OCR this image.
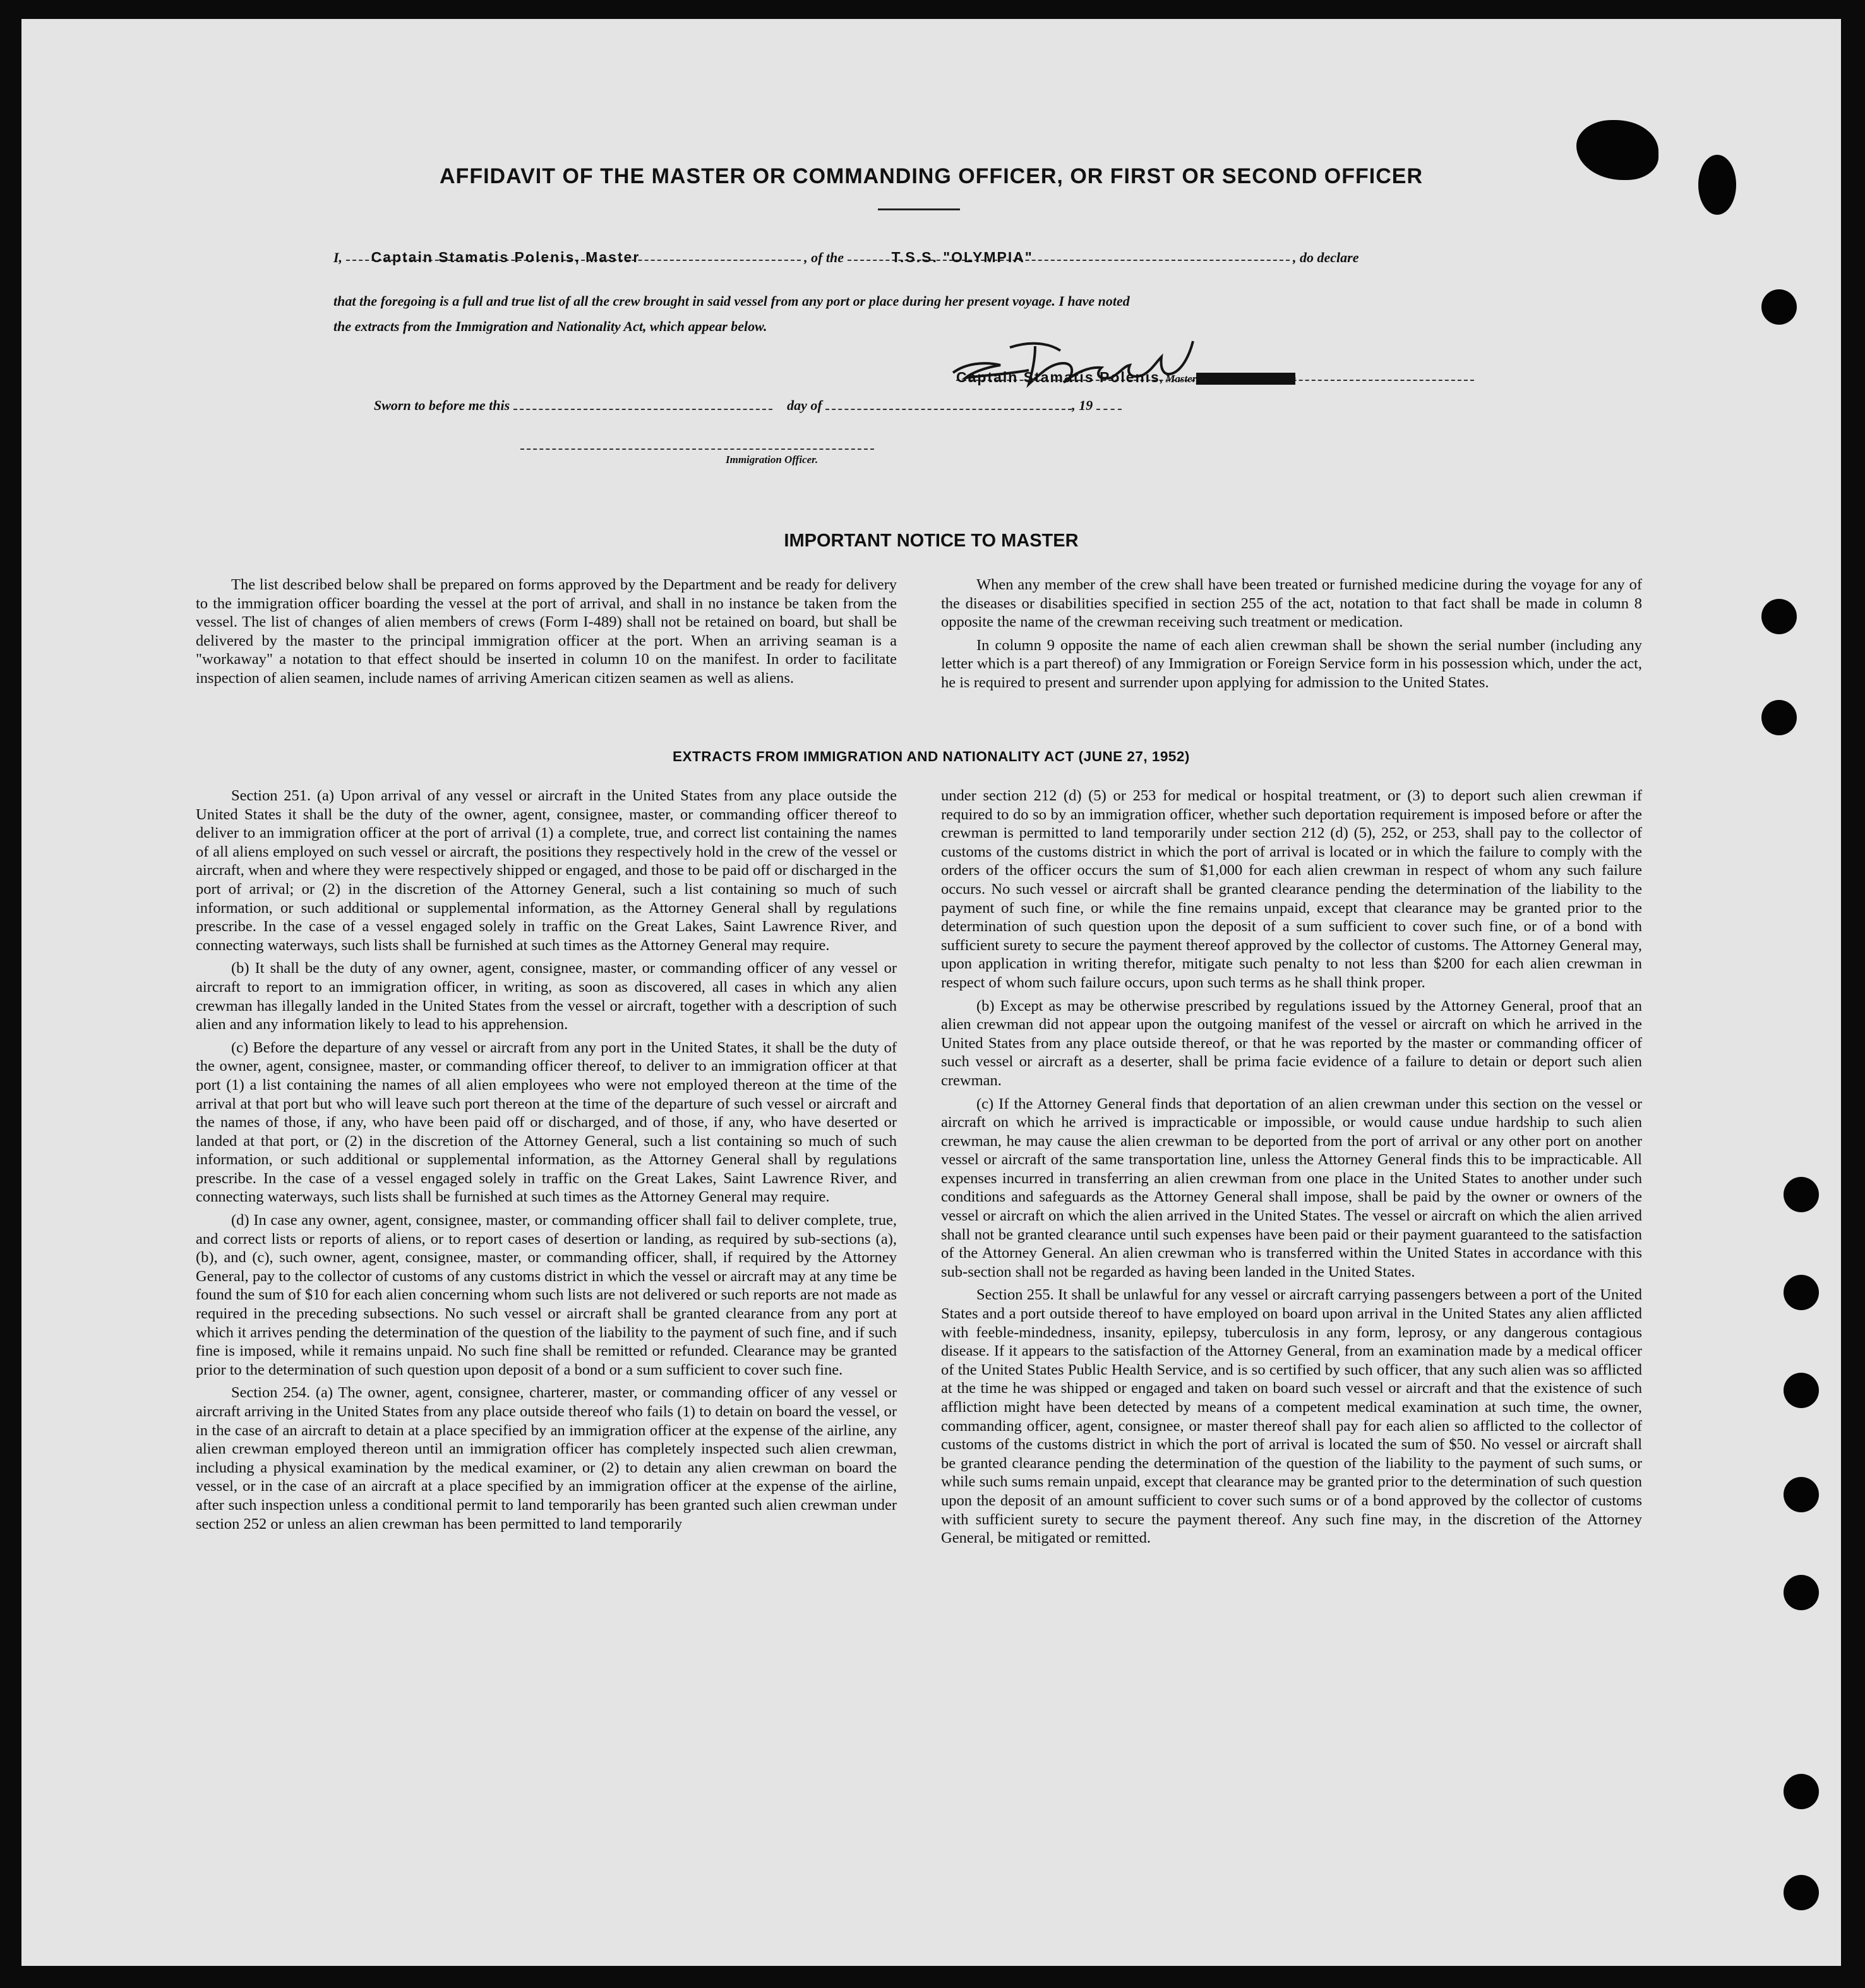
︎
AFFIDAVIT OF THE MASTER OR COMMANDING OFFICER, OR FIRST OR SECOND OFFICER
I, Captain Stamatis Polenis, Master	, of the	T.S.S. "OLYMPIA"	, do declare
that the foregoing is a full and true list of all the crew brought in said vessel from any port or place during her present voyage. I have noted
the extracts from the Immigration and Nationality Act, which appear below.
Captain Stamatis Polenis, Master, Commanding Officer
Sworn to before me this	day of	, 19
Immigration Officer.
IMPORTANT NOTICE TO MASTER

The list described below shall be prepared on forms approved by the Department and be ready for delivery to the immigration officer boarding the vessel at the port of arrival, and shall in no instance be taken from the vessel. The list of changes of alien members of crews (Form I-489) shall not be retained on board, but shall be delivered by the master to the principal immigration officer at the port. When an arriving seaman is a "workaway" a notation to that effect should be inserted in column 10 on the manifest. In order to facilitate inspection of alien seamen, include names of arriving American citizen seamen as well as aliens.

When any member of the crew shall have been treated or furnished medicine during the voyage for any of the diseases or disabilities specified in section 255 of the act, notation to that fact shall be made in column 8 opposite the name of the crewman receiving such treatment or medication.

In column 9 opposite the name of each alien crewman shall be shown the serial number (including any letter which is a part thereof) of any Immigration or Foreign Service form in his possession which, under the act, he is required to present and surrender upon applying for admission to the United States.

EXTRACTS FROM IMMIGRATION AND NATIONALITY ACT (JUNE 27, 1952)

Section 251. (a) Upon arrival of any vessel or aircraft in the United States from any place outside the United States it shall be the duty of the owner, agent, consignee, master, or commanding officer thereof to deliver to an immigration officer at the port of arrival (1) a complete, true, and correct list containing the names of all aliens employed on such vessel or aircraft, the positions they respectively hold in the crew of the vessel or aircraft, when and where they were respectively shipped or engaged, and those to be paid off or discharged in the port of arrival; or (2) in the discretion of the Attorney General, such a list containing so much of such information, or such additional or supplemental information, as the Attorney General shall by regulations prescribe. In the case of a vessel engaged solely in traffic on the Great Lakes, Saint Lawrence River, and connecting waterways, such lists shall be furnished at such times as the Attorney General may require.

(b) It shall be the duty of any owner, agent, consignee, master, or commanding officer of any vessel or aircraft to report to an immigration officer, in writing, as soon as discovered, all cases in which any alien crewman has illegally landed in the United States from the vessel or aircraft, together with a description of such alien and any information likely to lead to his apprehension.

(c) Before the departure of any vessel or aircraft from any port in the United States, it shall be the duty of the owner, agent, consignee, master, or commanding officer thereof, to deliver to an immigration officer at that port (1) a list containing the names of all alien employees who were not employed thereon at the time of the arrival at that port but who will leave such port thereon at the time of the departure of such vessel or aircraft and the names of those, if any, who have been paid off or discharged, and of those, if any, who have deserted or landed at that port, or (2) in the discretion of the Attorney General, such a list containing so much of such information, or such additional or supplemental information, as the Attorney General shall by regulations prescribe. In the case of a vessel engaged solely in traffic on the Great Lakes, Saint Lawrence River, and connecting waterways, such lists shall be furnished at such times as the Attorney General may require.

(d) In case any owner, agent, consignee, master, or commanding officer shall fail to deliver complete, true, and correct lists or reports of aliens, or to report cases of desertion or landing, as required by sub-sections (a), (b), and (c), such owner, agent, consignee, master, or commanding officer, shall, if required by the Attorney General, pay to the collector of customs of any customs district in which the vessel or aircraft may at any time be found the sum of $10 for each alien concerning whom such lists are not delivered or such reports are not made as required in the preceding subsections. No such vessel or aircraft shall be granted clearance from any port at which it arrives pending the determination of the question of the liability to the payment of such fine, and if such fine is imposed, while it remains unpaid. No such fine shall be remitted or refunded. Clearance may be granted prior to the determination of such question upon deposit of a bond or a sum sufficient to cover such fine.

Section 254. (a) The owner, agent, consignee, charterer, master, or commanding officer of any vessel or aircraft arriving in the United States from any place outside thereof who fails (1) to detain on board the vessel, or in the case of an aircraft to detain at a place specified by an immigration officer at the expense of the airline, any alien crewman employed thereon until an immigration officer has completely inspected such alien crewman, including a physical examination by the medical examiner, or (2) to detain any alien crewman on board the vessel, or in the case of an aircraft at a place specified by an immigration officer at the expense of the airline, after such inspection unless a conditional permit to land temporarily has been granted such alien crewman under section 252 or unless an alien crewman has been permitted to land temporarily

under section 212 (d) (5) or 253 for medical or hospital treatment, or (3) to deport such alien crewman if required to do so by an immigration officer, whether such deportation requirement is imposed before or after the crewman is permitted to land temporarily under section 212 (d) (5), 252, or 253, shall pay to the collector of customs of the customs district in which the port of arrival is located or in which the failure to comply with the orders of the officer occurs the sum of $1,000 for each alien crewman in respect of whom any such failure occurs. No such vessel or aircraft shall be granted clearance pending the determination of the liability to the payment of such fine, or while the fine remains unpaid, except that clearance may be granted prior to the determination of such question upon the deposit of a sum sufficient to cover such fine, or of a bond with sufficient surety to secure the payment thereof approved by the collector of customs. The Attorney General may, upon application in writing therefor, mitigate such penalty to not less than $200 for each alien crewman in respect of whom such failure occurs, upon such terms as he shall think proper.

(b) Except as may be otherwise prescribed by regulations issued by the Attorney General, proof that an alien crewman did not appear upon the outgoing manifest of the vessel or aircraft on which he arrived in the United States from any place outside thereof, or that he was reported by the master or commanding officer of such vessel or aircraft as a deserter, shall be prima facie evidence of a failure to detain or deport such alien crewman.

(c) If the Attorney General finds that deportation of an alien crewman under this section on the vessel or aircraft on which he arrived is impracticable or impossible, or would cause undue hardship to such alien crewman, he may cause the alien crewman to be deported from the port of arrival or any other port on another vessel or aircraft of the same transportation line, unless the Attorney General finds this to be impracticable. All expenses incurred in transferring an alien crewman from one place in the United States to another under such conditions and safeguards as the Attorney General shall impose, shall be paid by the owner or owners of the vessel or aircraft on which the alien arrived in the United States. The vessel or aircraft on which the alien arrived shall not be granted clearance until such expenses have been paid or their payment guaranteed to the satisfaction of the Attorney General. An alien crewman who is transferred within the United States in accordance with this sub-section shall not be regarded as having been landed in the United States.

Section 255. It shall be unlawful for any vessel or aircraft carrying passengers between a port of the United States and a port outside thereof to have employed on board upon arrival in the United States any alien afflicted with feeble-mindedness, insanity, epilepsy, tuberculosis in any form, leprosy, or any dangerous contagious disease. If it appears to the satisfaction of the Attorney General, from an examination made by a medical officer of the United States Public Health Service, and is so certified by such officer, that any such alien was so afflicted at the time he was shipped or engaged and taken on board such vessel or aircraft and that the existence of such affliction might have been detected by means of a competent medical examination at such time, the owner, commanding officer, agent, consignee, or master thereof shall pay for each alien so afflicted to the collector of customs of the customs district in which the port of arrival is located the sum of $50. No vessel or aircraft shall be granted clearance pending the determination of the question of the liability to the payment of such sums, or while such sums remain unpaid, except that clearance may be granted prior to the determination of such question upon the deposit of an amount sufficient to cover such sums or of a bond approved by the collector of customs with sufficient surety to secure the payment thereof. Any such fine may, in the discretion of the Attorney General, be mitigated or remitted.
